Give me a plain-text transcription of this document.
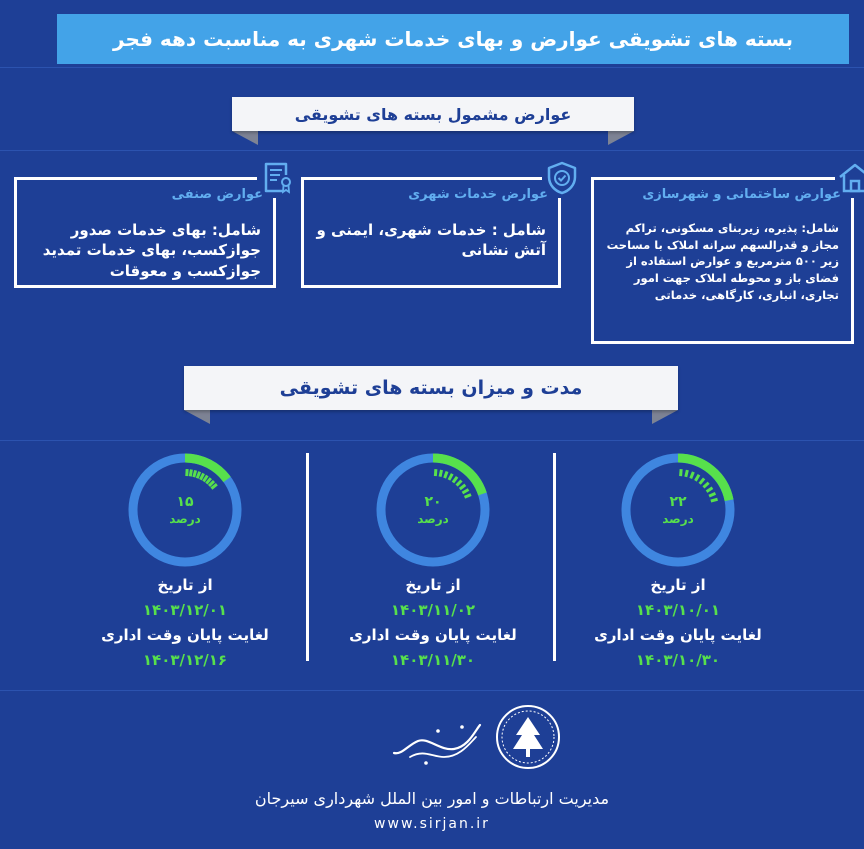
بسته های تشویقی عوارض و بهای خدمات شهری به مناسبت دهه فجر
عوارض مشمول بسته های تشویقی
عوارض ساختمانی و شهرسازی
شامل: پذیره، زیربنای مسکونی، تراکم مجاز و قدرالسهم سرانه املاک با مساحت زیر ۵۰۰ مترمربع و عوارض استفاده از فضای باز و محوطه املاک جهت امور تجاری، انباری، کارگاهی، خدماتی
عوارض خدمات شهری
شامل : خدمات شهری، ایمنی و آتش نشانی
عوارض صنفی
شامل: بهای خدمات صدور جوازکسب، بهای خدمات تمدید جوازکسب و معوقات
مدت و میزان بسته های تشویقی
۲۲
درصد
۲۰
درصد
۱۵
درصد
از تاریخ
۱۴۰۳/۱۰/۰۱
لغایت پایان وقت اداری
۱۴۰۳/۱۰/۳۰
از تاریخ
۱۴۰۳/۱۱/۰۲
لغایت پایان وقت اداری
۱۴۰۳/۱۱/۳۰
از تاریخ
۱۴۰۳/۱۲/۰۱
لغایت پایان وقت اداری
۱۴۰۳/۱۲/۱۶
مدیریت ارتباطات و امور بین الملل شهرداری سیرجان
www.sirjan.ir
